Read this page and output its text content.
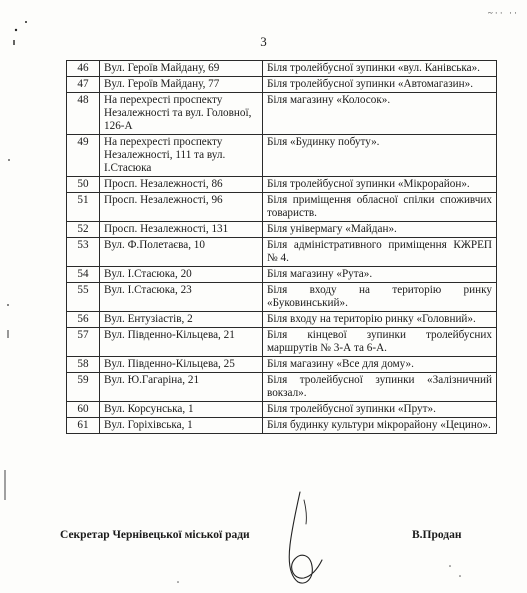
~·· ··
3
46	Вул. Героїв Майдану, 69	Біля тролейбусної зупинки «вул. Канівська».
47	Вул. Героїв Майдану, 77	Біля тролейбусної зупинки «Автомагазин».
48	На перехресті проспекту Незалежності та вул. Головної, 126-А	Біля магазину «Колосок».
49	На перехресті проспекту Незалежності, 111 та вул. І.Стасюка	Біля «Будинку побуту».
50	Просп. Незалежності, 86	Біля тролейбусної зупинки «Мікрорайон».
51	Просп. Незалежності, 96	Біля приміщення обласної спілки споживчих товариств.
52	Просп. Незалежності, 131	Біля універмагу «Майдан».
53	Вул. Ф.Полетаєва, 10	Біля адміністративного приміщення КЖРЕП № 4.
54	Вул. І.Стасюка, 20	Біля магазину «Рута».
55	Вул. І.Стасюка, 23	Біля входу на територію ринку «Буковинський».
56	Вул. Ентузіастів, 2	Біля входу на територію ринку «Головний».
57	Вул. Південно-Кільцева, 21	Біля кінцевої зупинки тролейбусних маршрутів № 3-А та 6-А.
58	Вул. Південно-Кільцева, 25	Біля магазину «Все для дому».
59	Вул. Ю.Гагаріна, 21	Біля тролейбусної зупинки «Залізничний вокзал».
60	Вул. Корсунська, 1	Біля тролейбусної зупинки «Прут».
61	Вул. Горіхівська, 1	Біля будинку культури мікрорайону «Цецино».
Секретар Чернівецької міської ради	В.Продан
